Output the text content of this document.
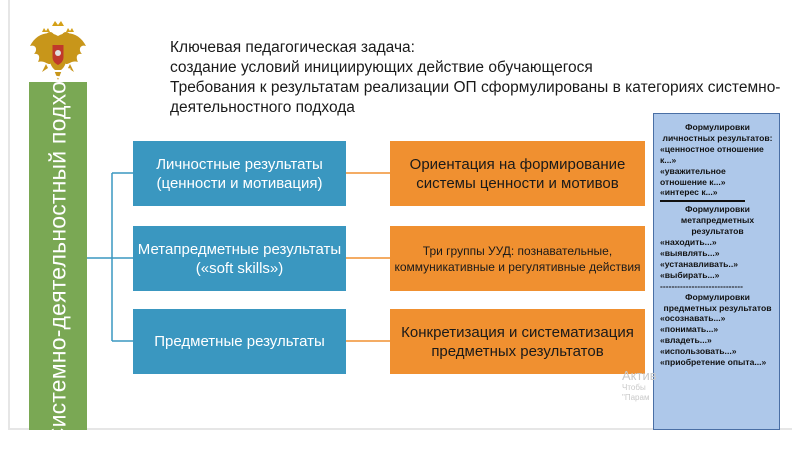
Системно-деятельностный подход
Ключевая педагогическая задача:
создание условий инициирующих действие обучающегося
Требования к результатам реализации ОП сформулированы в категориях системно-
деятельностного подхода
Личностные результаты
(ценности и мотивация)
Ориентация на формирование
системы ценности и мотивов
Метапредметные результаты
(«soft skills»)
Три группы УУД: познавательные,
коммуникативные и регулятивные действия
Предметные результаты
Конкретизация и систематизация
предметных результатов
Формулировки
личностных результатов:
«ценностное отношение
к...»
«уважительное
отношение к...»
«интерес к...»
Формулировки
метапредметных
результатов
«находить...»
«выявлять...»
«устанавливать..»
«выбирать...»
-----------------------------
Формулировки
предметных результатов
«осознавать...»
«понимать...»
«владеть...»
«использовать...»
«приобретение опыта...»
Актив
Чтобы
"Парам
